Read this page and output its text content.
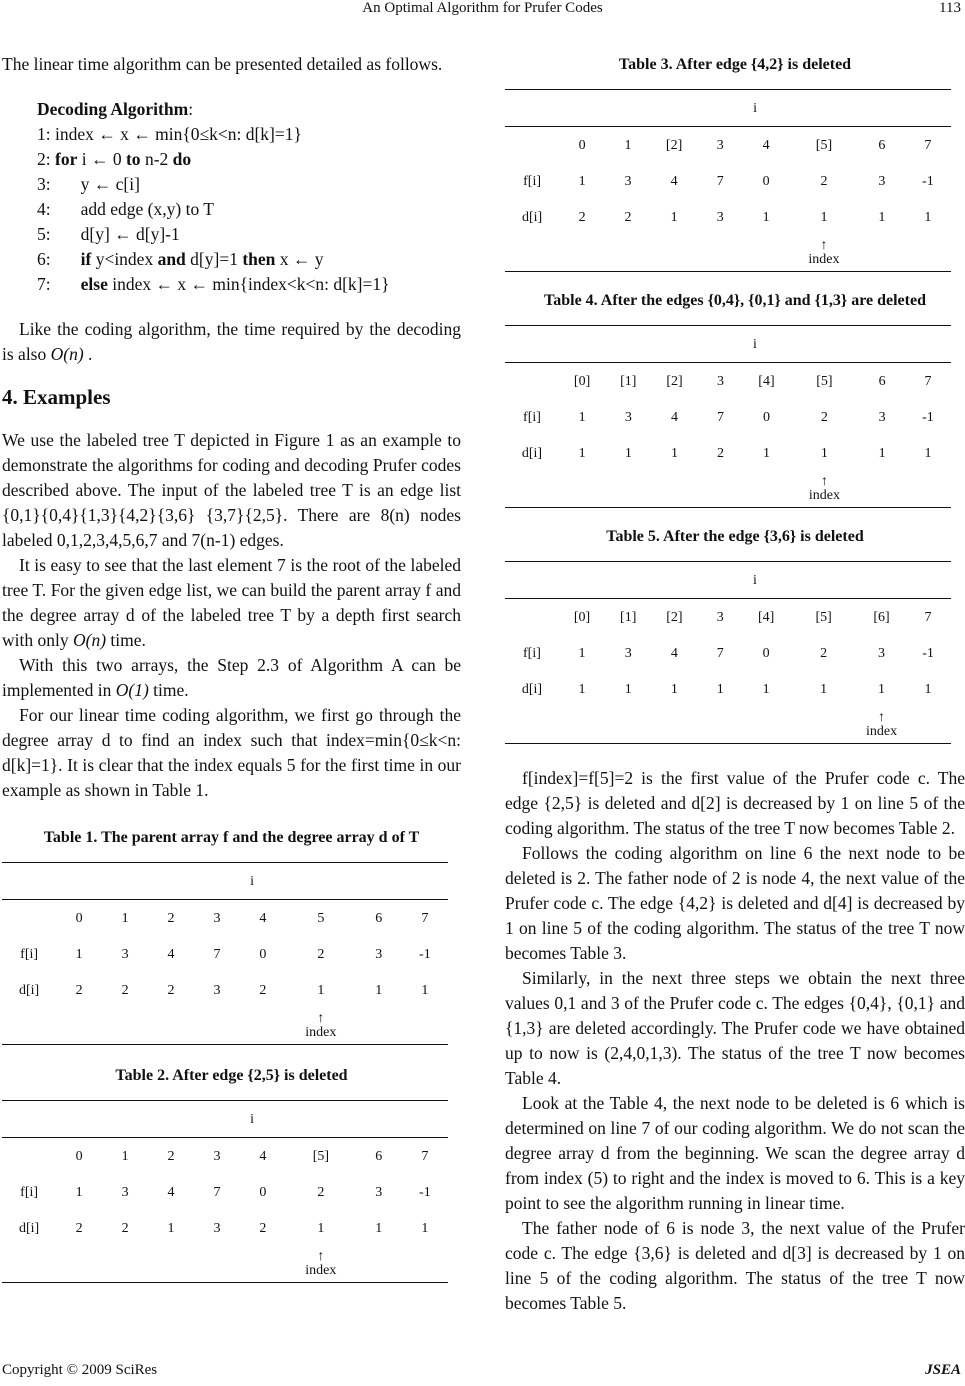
An Optimal Algorithm for Prufer Codes	113

The linear time algorithm can be presented detailed as follows.

Decoding Algorithm:
1: index ← x ← min{0≤k<n: d[k]=1}
2: for i ← 0 to n-2 do
3: y ← c[i]
4: add edge (x,y) to T
5: d[y] ← d[y]-1
6: if y<index and d[y]=1 then x ← y
7: else index ← x ← min{index<k<n: d[k]=1}

Like the coding algorithm, the time required by the decoding is also O(n) .

4. Examples

We use the labeled tree T depicted in Figure 1 as an example to demonstrate the algorithms for coding and decoding Prufer codes described above. The input of the labeled tree T is an edge list {0,1}{0,4}{1,3}{4,2}{3,6} {3,7}{2,5}. There are 8(n) nodes labeled 0,1,2,3,4,5,6,7 and 7(n-1) edges.

It is easy to see that the last element 7 is the root of the labeled tree T. For the given edge list, we can build the parent array f and the degree array d of the labeled tree T by a depth first search with only O(n) time.

With this two arrays, the Step 2.3 of Algorithm A can be implemented in O(1) time.

For our linear time coding algorithm, we first go through the degree array d to find an index such that index=min{0≤k<n: d[k]=1}. It is clear that the index equals 5 for the first time in our example as shown in Table 1.

Table 1. The parent array f and the degree array d of T
	i							
	0	1	2	3	4	5	6	7
f[i]	1	3	4	7	0	2	3	-1
d[i]	2	2	2	3	2	1	1	1

						↑
index		

Table 2. After edge {2,5} is deleted
	i							
	0	1	2	3	4	[5]	6	7
f[i]	1	3	4	7	0	2	3	-1
d[i]	2	2	1	3	2	1	1	1

						↑
index		

Table 3. After edge {4,2} is deleted
	i							
	0	1	[2]	3	4	[5]	6	7
f[i]	1	3	4	7	0	2	3	-1
d[i]	2	2	1	3	1	1	1	1

						↑
index		

Table 4. After the edges {0,4}, {0,1} and {1,3} are deleted
	i							
	[0]	[1]	[2]	3	[4]	[5]	6	7
f[i]	1	3	4	7	0	2	3	-1
d[i]	1	1	1	2	1	1	1	1

						↑
index		

Table 5. After the edge {3,6} is deleted
	i							
	[0]	[1]	[2]	3	[4]	[5]	[6]	7
f[i]	1	3	4	7	0	2	3	-1
d[i]	1	1	1	1	1	1	1	1

							↑
index	

f[index]=f[5]=2 is the first value of the Prufer code c. The edge {2,5} is deleted and d[2] is decreased by 1 on line 5 of the coding algorithm. The status of the tree T now becomes Table 2.

Follows the coding algorithm on line 6 the next node to be deleted is 2. The father node of 2 is node 4, the next value of the Prufer code c. The edge {4,2} is deleted and d[4] is decreased by 1 on line 5 of the coding algorithm. The status of the tree T now becomes Table 3.

Similarly, in the next three steps we obtain the next three values 0,1 and 3 of the Prufer code c. The edges {0,4}, {0,1} and {1,3} are deleted accordingly. The Prufer code we have obtained up to now is (2,4,0,1,3). The status of the tree T now becomes Table 4.

Look at the Table 4, the next node to be deleted is 6 which is determined on line 7 of our coding algorithm. We do not scan the degree array d from the beginning. We scan the degree array d from index (5) to right and the index is moved to 6. This is a key point to see the algorithm running in linear time.

The father node of 6 is node 3, the next value of the Prufer code c. The edge {3,6} is deleted and d[3] is decreased by 1 on line 5 of the coding algorithm. The status of the tree T now becomes Table 5.

Copyright © 2009 SciRes	JSEA
